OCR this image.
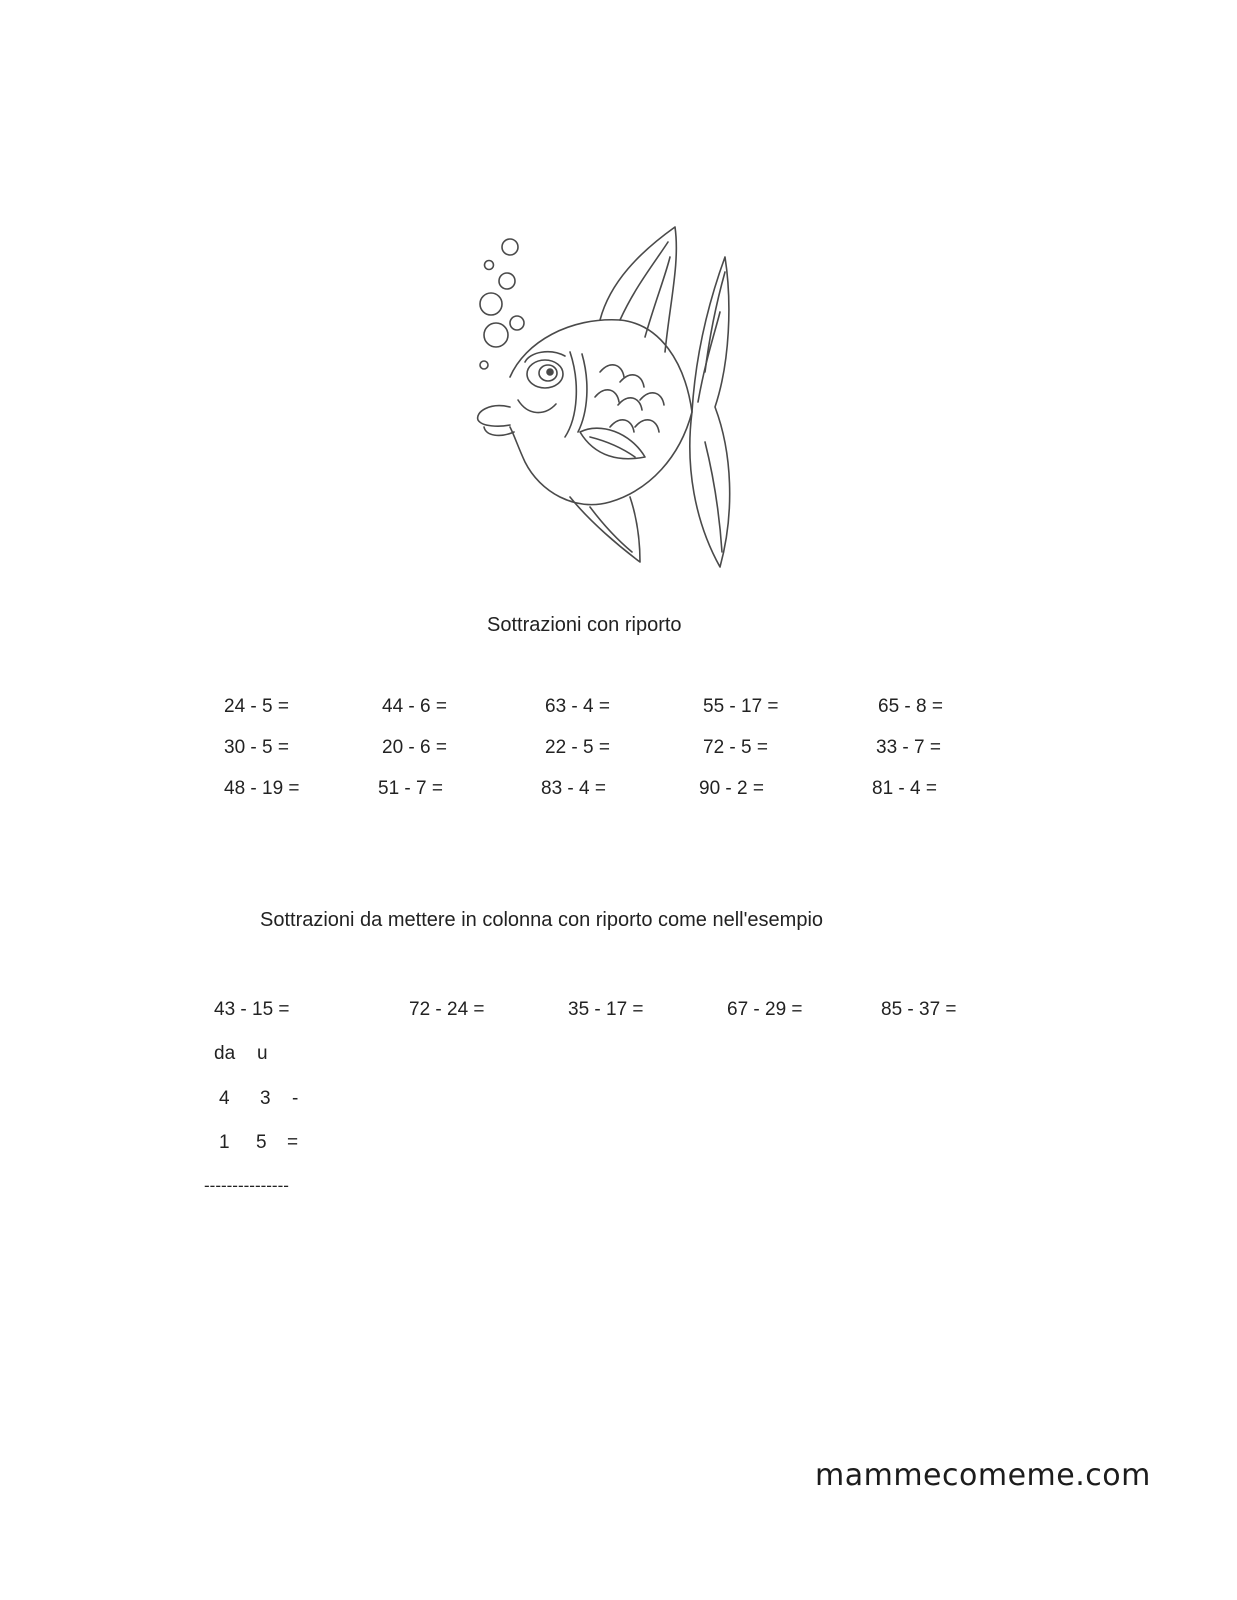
Sottrazioni con riporto
24 - 5 =	44 - 6 =	63 - 4 =	55 - 17 =	65 - 8 =
30 - 5 =	20 - 6 =	22 - 5 =	72 - 5 =	33 - 7 =
48 - 19 =	51 - 7 =	83 - 4 =	90 - 2 =	81 - 4 =
Sottrazioni da mettere in colonna con riporto come nell'esempio
43 - 15 =	72 - 24 =	35 - 17 =	67 - 29 =	85 - 37 =
da u
4 3 -
1 5 =
---------------
mammecomeme.com
